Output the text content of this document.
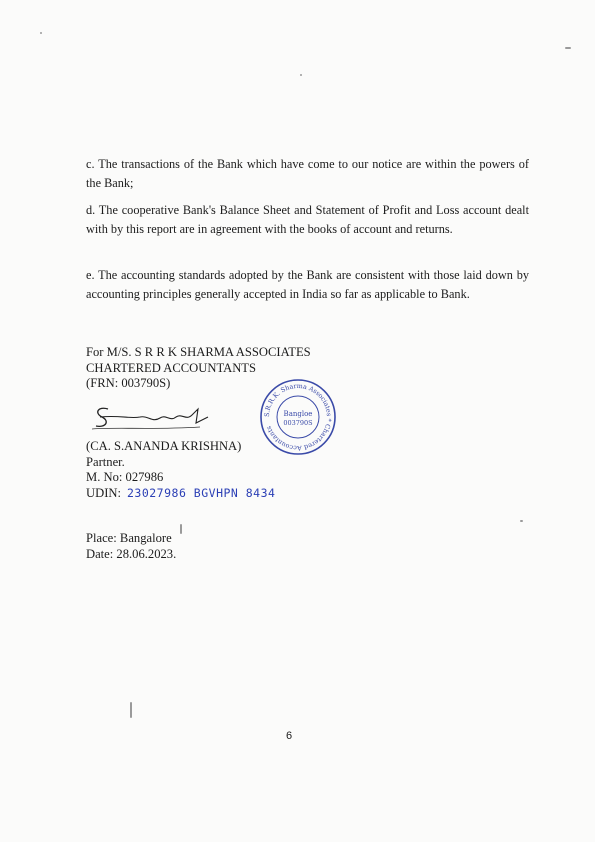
c. The transactions of the Bank which have come to our notice are within the powers of the Bank;
d. The cooperative Bank's Balance Sheet and Statement of Profit and Loss account dealt with by this report are in agreement with the books of account and returns.
e. The accounting standards adopted by the Bank are consistent with those laid down by accounting principles generally accepted in India so far as applicable to Bank.
For M/S. S R R K SHARMA ASSOCIATES
CHARTERED ACCOUNTANTS
(FRN: 003790S)
S.R.R.K. Sharma Associates * Chartered Accountants
Bangloe
003790S
(CA. S.ANANDA KRISHNA)
Partner.
M. No: 027986
UDIN: 23027986 BGVHPN 8434
Place: Bangalore
Date: 28.06.2023.
6
